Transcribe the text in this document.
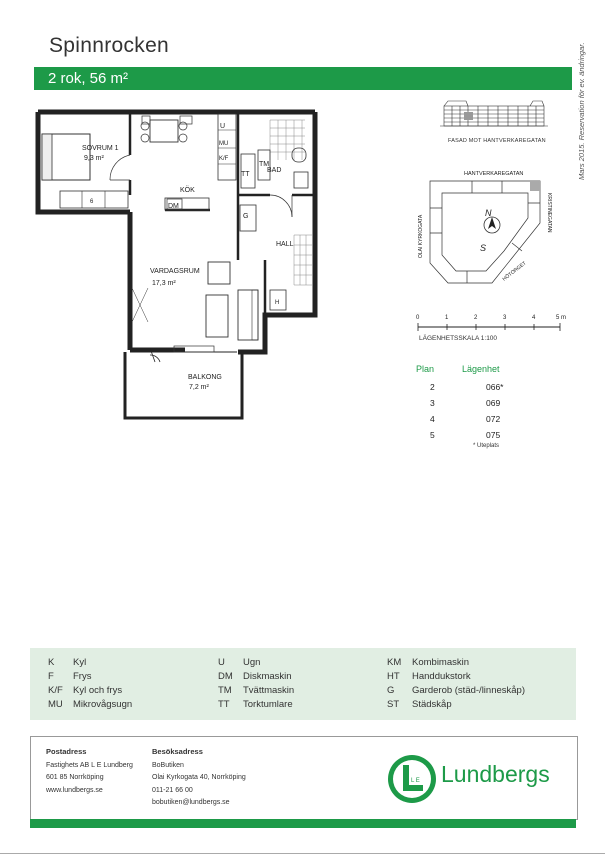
Spinnrocken
2 rok, 56 m²	Mars 2015. Reservation för ev. ändringar.
SOVRUM 1
9,3 m²
KÖK
BAD
HALL
VARDAGSRUM
17,3 m²
BALKONG
7,2 m²
DM
TT
TM
U
MU
K/F
G
6
H
FASAD MOT HANTVERKAREGATAN
N
S
HANTVERKAREGATAN
OLAI KYRKOGATA
KRISTINEGATAN
HÖTORGET
0	1	2	3	4	5 m
LÄGENHETSSKALA 1:100
Plan	Lägenhet
2	066*
3	069
4	072
5	075
* Uteplats
K Kyl
F Frys
K/F Kyl och frys
MU Mikrovågsugn
U Ugn
DM Diskmaskin
TM Tvättmaskin
TT Torktumlare
KM Kombimaskin
HT Handdukstork
G Garderob (städ-/linneskåp)
ST Städskåp
Postadress
Fastighets AB L E Lundberg
601 85 Norrköping
www.lundbergs.se
Besöksadress
BoButiken
Olai Kyrkogata 40, Norrköping
011-21 66 00
bobutiken@lundbergs.se
L E Lundbergs
